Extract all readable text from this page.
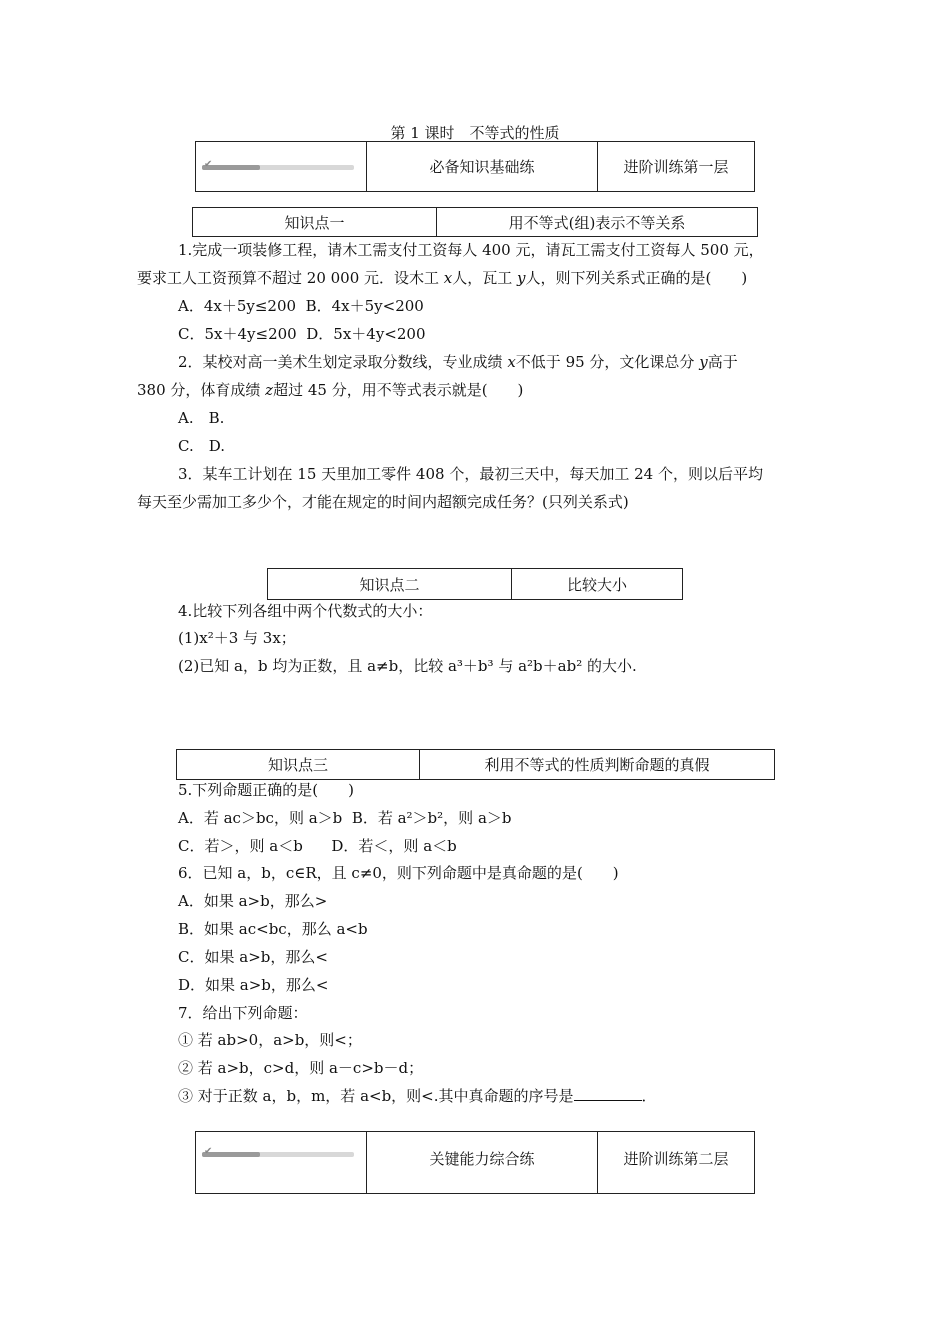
第 1 课时　不等式的性质
✔	必备知识基础练	进阶训练第一层
知识点一	用不等式(组)表示不等关系
1.完成一项装修工程，请木工需支付工资每人 400 元，请瓦工需支付工资每人 500 元，
要求工人工资预算不超过 20 000 元．设木工 x人，瓦工 y人，则下列关系式正确的是(　　)
A．4x＋5y≤200 B．4x＋5y<200
C．5x＋4y≤200 D．5x＋4y<200
2．某校对高一美术生划定录取分数线，专业成绩 x不低于 95 分，文化课总分 y高于
380 分，体育成绩 z超过 45 分，用不等式表示就是(　　)
A.　B.
C.　D.
3．某车工计划在 15 天里加工零件 408 个，最初三天中，每天加工 24 个，则以后平均
每天至少需加工多少个，才能在规定的时间内超额完成任务？(只列关系式)
知识点二	比较大小
4.比较下列各组中两个代数式的大小：
(1)x²＋3 与 3x；
(2)已知 a，b 均为正数，且 a≠b，比较 a³＋b³ 与 a²b＋ab² 的大小.
知识点三	利用不等式的性质判断命题的真假
5.下列命题正确的是(　　)
A．若 ac＞bc，则 a＞b B．若 a²＞b²，则 a＞b
C．若＞，则 a＜b D．若＜，则 a＜b
6．已知 a，b，c∈R，且 c≠0，则下列命题中是真命题的是(　　)
A．如果 a>b，那么>
B．如果 ac<bc，那么 a<b
C．如果 a>b，那么<
D．如果 a>b，那么<
7．给出下列命题：
① 若 ab>0，a>b，则<；
② 若 a>b，c>d，则 a－c>b－d；
③ 对于正数 a，b，m，若 a<b，则<.其中真命题的序号是	．
✔	关键能力综合练	进阶训练第二层
